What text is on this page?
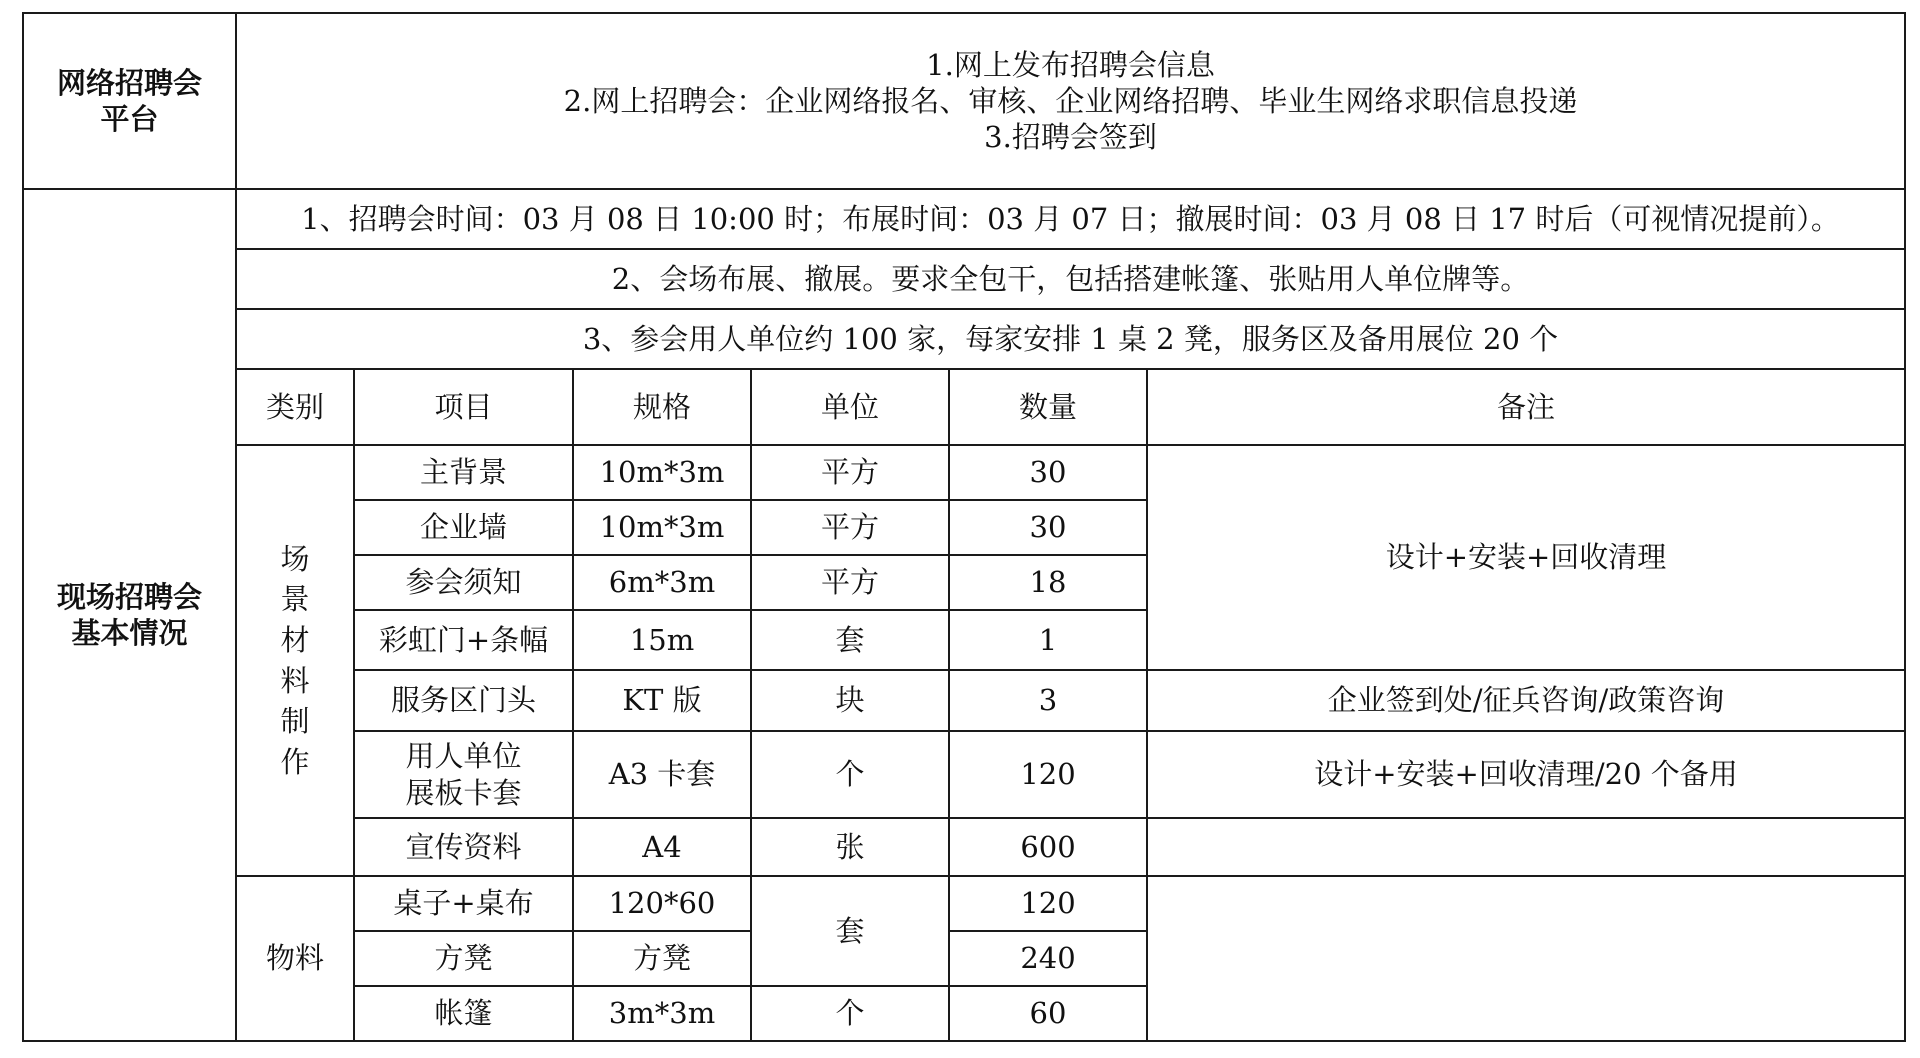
网络招聘会
平台	1.网上发布招聘会信息
2.网上招聘会：企业网络报名、审核、企业网络招聘、毕业生网络求职信息投递
3.招聘会签到					

现场招聘会
基本情况	1、招聘会时间：03 月 08 日 10:00 时；布展时间：03 月 07 日；撤展时间：03 月 08 日 17 时后（可视情况提前）。					
	2、会场布展、撤展。要求全包干，包括搭建帐篷、张贴用人单位牌等。					
	3、参会用人单位约 100 家，每家安排 1 桌 2 凳，服务区及备用展位 20 个					
	类别	项目	规格	单位	数量	备注
	场景材料制作	主背景	10m*3m	平方	30	设计+安装+回收清理
		企业墙	10m*3m	平方	30	
		参会须知	6m*3m	平方	18	
		彩虹门+条幅	15m	套	1	
		服务区门头	KT 版	块	3	企业签到处/征兵咨询/政策咨询

		用人单位
展板卡套	A3 卡套	个	120	设计+安装+回收清理/20 个备用
		宣传资料	A4	张	600	
	物料	桌子+桌布	120*60	套	120	
		方凳	方凳		240	
		帐篷	3m*3m	个	60	
